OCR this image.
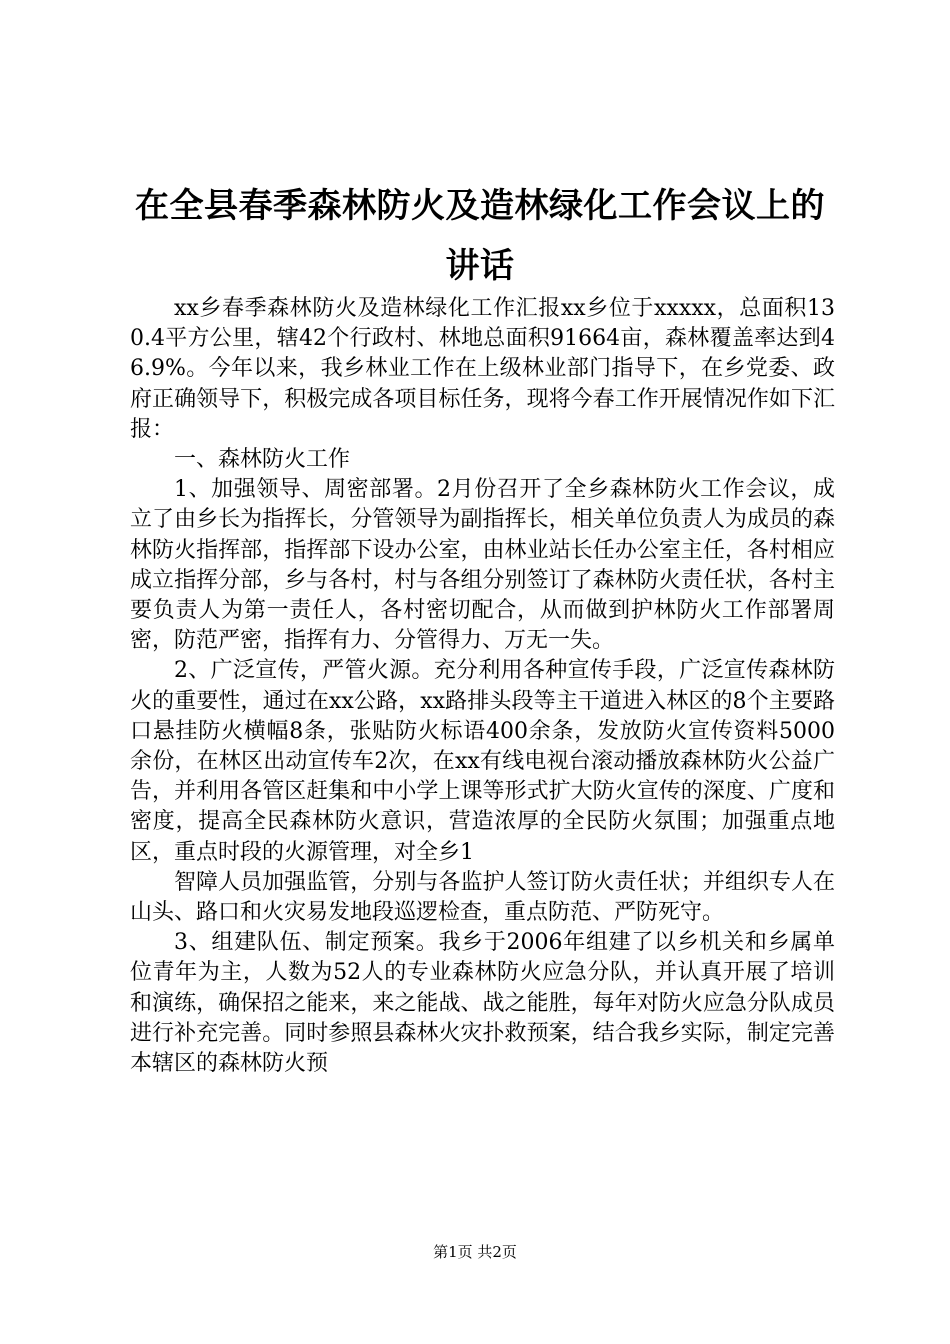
在全县春季森林防火及造林绿化工作会议上的讲话

xx乡春季森林防火及造林绿化工作汇报xx乡位于xxxxx，总面积130.4平方公里，辖42个行政村、林地总面积91664亩，森林覆盖率达到46.9%。今年以来，我乡林业工作在上级林业部门指导下，在乡党委、政府正确领导下，积极完成各项目标任务，现将今春工作开展情况作如下汇报：

一、森林防火工作

1、加强领导、周密部署。2月份召开了全乡森林防火工作会议，成立了由乡长为指挥长，分管领导为副指挥长，相关单位负责人为成员的森林防火指挥部，指挥部下设办公室，由林业站长任办公室主任，各村相应成立指挥分部，乡与各村，村与各组分别签订了森林防火责任状，各村主要负责人为第一责任人，各村密切配合，从而做到护林防火工作部署周密，防范严密，指挥有力、分管得力、万无一失。

2、广泛宣传，严管火源。充分利用各种宣传手段，广泛宣传森林防火的重要性，通过在xx公路，xx路排头段等主干道进入林区的8个主要路口悬挂防火横幅8条，张贴防火标语400余条，发放防火宣传资料5000余份，在林区出动宣传车2次，在xx有线电视台滚动播放森林防火公益广告，并利用各管区赶集和中小学上课等形式扩大防火宣传的深度、广度和密度，提高全民森林防火意识，营造浓厚的全民防火氛围；加强重点地区，重点时段的火源管理，对全乡1

智障人员加强监管，分别与各监护人签订防火责任状；并组织专人在山头、路口和火灾易发地段巡逻检查，重点防范、严防死守。

3、组建队伍、制定预案。我乡于2006年组建了以乡机关和乡属单位青年为主，人数为52人的专业森林防火应急分队，并认真开展了培训和演练，确保招之能来，来之能战、战之能胜，每年对防火应急分队成员进行补充完善。同时参照县森林火灾扑救预案，结合我乡实际，制定完善本辖区的森林防火预

第1页 共2页
